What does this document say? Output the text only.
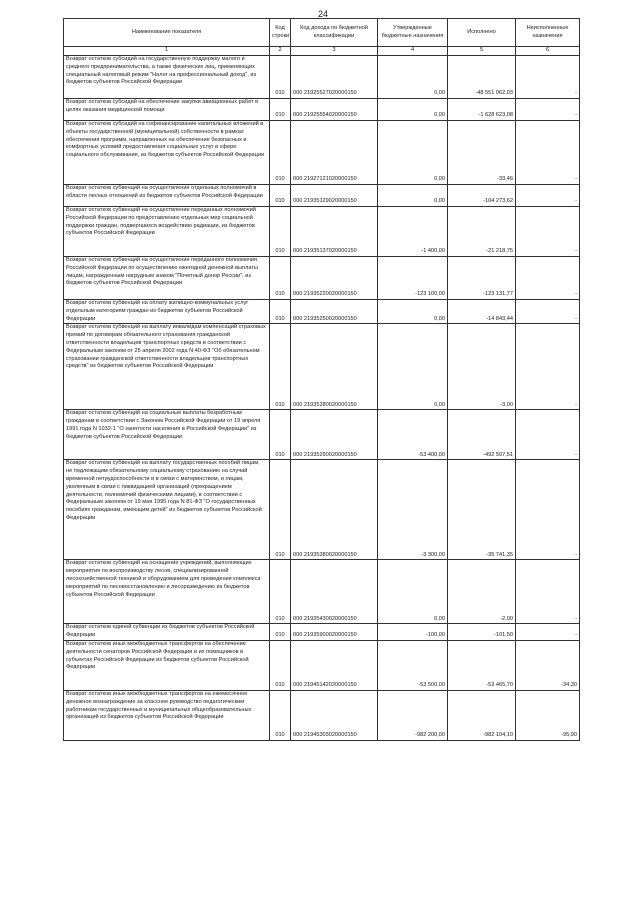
24
Наименование показателя	Код строки	Код дохода по бюджетной классификации	Утвержденные бюджетные назначения	Исполнено	Неисполненные назначения
1	2	3	4	5	6
Возврат остатков субсидий на государственную поддержку малого и среднего предпринимательства, а также физических лиц, применяющих специальный налоговый режим "Налог на профессиональный доход", из бюджетов субъектов Российской Федерации	010	000 21925527020000150	0,00	-48 551 062,03	-
Возврат остатков субсидий на обеспечение закупки авиационных работ в целях оказания медицинской помощи	010	000 21925554020000150	0,00	-1 628 623,08	-
Возврат остатков субсидий на софинансирование капитальных вложений в объекты государственной (муниципальной) собственности в рамках обеспечения программ, направленных на обеспечение безопасных и комфортных условий предоставления социальных услуг в сфере социального обслуживания, из бюджетов субъектов Российской Федерации	010	000 21927121020000150	0,00	-33,46	-
Возврат остатков субвенций на осуществление отдельных полномочий в области лесных отношений из бюджетов субъектов Российской Федерации	010	000 21935129020000150	0,00	-104 273,62	-
Возврат остатков субвенций на осуществление переданных полномочий Российской Федерации по предоставлению отдельных мер социальной поддержки граждан, подвергшихся воздействию радиации, из бюджетов субъектов Российской Федерации	010	000 21935137020000150	-1 400,00	-21 218,75	-
Возврат остатков субвенций на осуществление переданного полномочия Российской Федерации по осуществлению ежегодной денежной выплаты лицам, награжденным нагрудным знаком "Почетный донор России", из бюджетов субъектов Российской Федерации	010	000 21935220020000150	-123 100,00	-123 131,77	-
Возврат остатков субвенций на оплату жилищно-коммунальных услуг отдельным категориям граждан из бюджетов субъектов Российской Федерации	010	000 21935250020000150	0,00	-14 843,44	-
Возврат остатков субвенций на выплату инвалидам компенсаций страховых премий по договорам обязательного страхования гражданской ответственности владельцев транспортных средств в соответствии с Федеральным законом от 25 апреля 2002 года N 40-ФЗ "Об обязательном страховании гражданской ответственности владельцев транспортных средств" из бюджетов субъектов Российской Федерации	010	000 21935280020000150	0,00	-3,00	-
Возврат остатков субвенций на социальные выплаты безработным гражданам в соответствии с Законом Российской Федерации от 19 апреля 1991 года N 1032-1 "О занятости населения в Российской Федерации" из бюджетов субъектов Российской Федерации	010	000 21935290020000150	-53 400,00	-492 507,51	-
Возврат остатков субвенций на выплату государственных пособий лицам, не подлежащим обязательному социальному страхованию на случай временной нетрудоспособности и в связи с материнством, и лицам, уволенным в связи с ликвидацией организаций (прекращением деятельности, полномочий физическими лицами), в соответствии с Федеральным законом от 19 мая 1995 года N 81-ФЗ "О государственных пособиях гражданам, имеющим детей" из бюджетов субъектов Российской Федерации	010	000 21935380020000150	-3 300,00	-35 741,35	-
Возврат остатков субвенций на оснащение учреждений, выполняющих мероприятия по воспроизводству лесов, специализированной лесохозяйственной техникой и оборудованием для проведения комплекса мероприятий по лесовосстановлению и лесоразведению из бюджетов субъектов Российской Федерации	010	000 21935430020000150	0,00	-2,00	-
Возврат остатков единой субвенции из бюджетов субъектов Российской Федерации	010	000 21935900020000150	-100,00	-101,50	-
Возврат остатков иных межбюджетных трансфертов на обеспечение деятельности сенаторов Российской Федерации и их помощников в субъектах Российской Федерации из бюджетов субъектов Российской Федерации	010	000 21945142020000150	-53 500,00	-53 465,70	-34,30
Возврат остатков иных межбюджетных трансфертов на ежемесячное денежное вознаграждение за классное руководство педагогическим работникам государственных и муниципальных общеобразовательных организаций из бюджетов субъектов Российской Федерации	010	000 21945303020000150	-982 200,00	-982 104,10	-95,90
